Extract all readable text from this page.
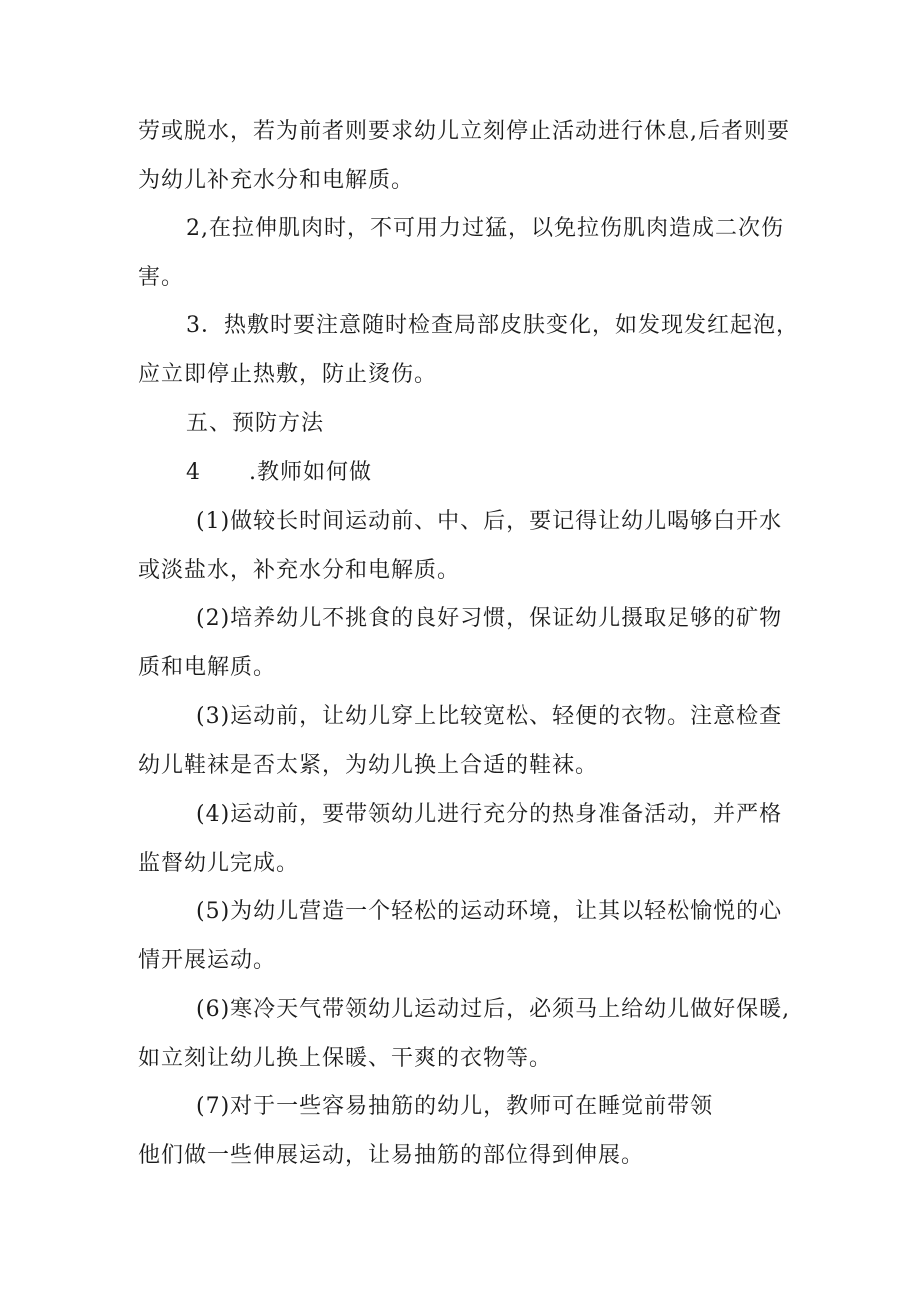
劳或脱水，若为前者则要求幼儿立刻停止活动进行休息,后者则要
为幼儿补充水分和电解质。
2,在拉伸肌肉时，不可用力过猛，以免拉伤肌肉造成二次伤
害。
3．热敷时要注意随时检查局部皮肤变化，如发现发红起泡，
应立即停止热敷，防止烫伤。
五、预防方法
4 .教师如何做
(1)做较长时间运动前、中、后，要记得让幼儿喝够白开水
或淡盐水，补充水分和电解质。
(2)培养幼儿不挑食的良好习惯，保证幼儿摄取足够的矿物
质和电解质。
(3)运动前，让幼儿穿上比较宽松、轻便的衣物。注意检查
幼儿鞋袜是否太紧，为幼儿换上合适的鞋袜。
(4)运动前，要带领幼儿进行充分的热身准备活动，并严格
监督幼儿完成。
(5)为幼儿营造一个轻松的运动环境，让其以轻松愉悦的心
情开展运动。
(6)寒冷天气带领幼儿运动过后，必须马上给幼儿做好保暖,
如立刻让幼儿换上保暖、干爽的衣物等。
(7)对于一些容易抽筋的幼儿，教师可在睡觉前带领
他们做一些伸展运动，让易抽筋的部位得到伸展。
